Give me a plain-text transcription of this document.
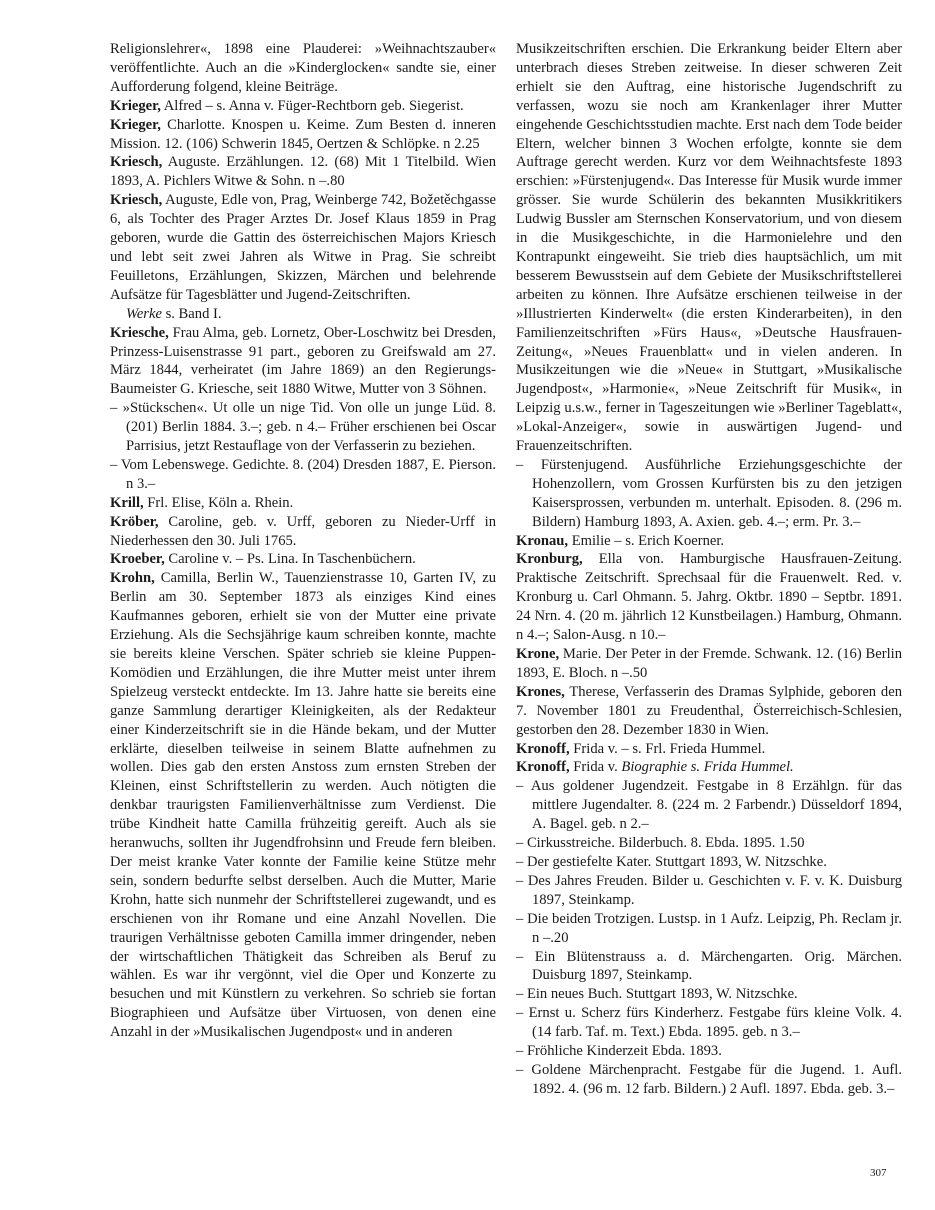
Religionslehrer«, 1898 eine Plauderei: »Weihnachtszauber« veröffentlichte. Auch an die »Kinderglocken« sandte sie, einer Aufforderung folgend, kleine Beiträge.

Krieger, Alfred – s. Anna v. Füger-Rechtborn geb. Siegerist.

Krieger, Charlotte. Knospen u. Keime. Zum Besten d. inneren Mission. 12. (106) Schwerin 1845, Oertzen & Schlöpke. n 2.25

Kriesch, Auguste. Erzählungen. 12. (68) Mit 1 Titelbild. Wien 1893, A. Pichlers Witwe & Sohn. n –.80

Kriesch, Auguste, Edle von, Prag, Weinberge 742, Božetěchgasse 6, als Tochter des Prager Arztes Dr. Josef Klaus 1859 in Prag geboren, wurde die Gattin des österreichischen Majors Kriesch und lebt seit zwei Jahren als Witwe in Prag. Sie schreibt Feuilletons, Erzählungen, Skizzen, Märchen und belehrende Aufsätze für Tagesblätter und Jugend-Zeitschriften.

Werke s. Band I.

Kriesche, Frau Alma, geb. Lornetz, Ober-Loschwitz bei Dresden, Prinzess-Luisenstrasse 91 part., geboren zu Greifswald am 27. März 1844, verheiratet (im Jahre 1869) an den Regierungs-Baumeister G. Kriesche, seit 1880 Witwe, Mutter von 3 Söhnen.

– »Stückschen«. Ut olle un nige Tid. Von olle un junge Lüd. 8. (201) Berlin 1884. 3.–; geb. n 4.– Früher erschienen bei Oscar Parrisius, jetzt Restauflage von der Verfasserin zu beziehen.

– Vom Lebenswege. Gedichte. 8. (204) Dresden 1887, E. Pierson. n 3.–

Krill, Frl. Elise, Köln a. Rhein.

Kröber, Caroline, geb. v. Urff, geboren zu Nieder-Urff in Niederhessen den 30. Juli 1765.

Kroeber, Caroline v. – Ps. Lina. In Taschenbüchern.

Krohn, Camilla, Berlin W., Tauenzienstrasse 10, Garten IV, zu Berlin am 30. September 1873 als einziges Kind eines Kaufmannes geboren, erhielt sie von der Mutter eine private Erziehung. Als die Sechsjährige kaum schreiben konnte, machte sie bereits kleine Verschen. Später schrieb sie kleine Puppen-Komödien und Erzählungen, die ihre Mutter meist unter ihrem Spielzeug versteckt entdeckte. Im 13. Jahre hatte sie bereits eine ganze Sammlung derartiger Kleinigkeiten, als der Redakteur einer Kinderzeitschrift sie in die Hände bekam, und der Mutter erklärte, dieselben teilweise in seinem Blatte aufnehmen zu wollen. Dies gab den ersten Anstoss zum ernsten Streben der Kleinen, einst Schriftstellerin zu werden. Auch nötigten die denkbar traurigsten Familienverhältnisse zum Verdienst. Die trübe Kindheit hatte Camilla frühzeitig gereift. Auch als sie heranwuchs, sollten ihr Jugendfrohsinn und Freude fern bleiben. Der meist kranke Vater konnte der Familie keine Stütze mehr sein, sondern bedurfte selbst derselben. Auch die Mutter, Marie Krohn, hatte sich nunmehr der Schriftstellerei zugewandt, und es erschienen von ihr Romane und eine Anzahl Novellen. Die traurigen Verhältnisse geboten Camilla immer dringender, neben der wirtschaftlichen Thätigkeit das Schreiben als Beruf zu wählen. Es war ihr vergönnt, viel die Oper und Konzerte zu besuchen und mit Künstlern zu verkehren. So schrieb sie fortan Biographieen und Aufsätze über Virtuosen, von denen eine Anzahl in der »Musikalischen Jugendpost« und in anderen

Musikzeitschriften erschien. Die Erkrankung beider Eltern aber unterbrach dieses Streben zeitweise. In dieser schweren Zeit erhielt sie den Auftrag, eine historische Jugendschrift zu verfassen, wozu sie noch am Krankenlager ihrer Mutter eingehende Geschichtsstudien machte. Erst nach dem Tode beider Eltern, welcher binnen 3 Wochen erfolgte, konnte sie dem Auftrage gerecht werden. Kurz vor dem Weihnachtsfeste 1893 erschien: »Fürstenjugend«. Das Interesse für Musik wurde immer grösser. Sie wurde Schülerin des bekannten Musikkritikers Ludwig Bussler am Sternschen Konservatorium, und von diesem in die Musikgeschichte, in die Harmonielehre und den Kontrapunkt eingeweiht. Sie trieb dies hauptsächlich, um mit besserem Bewusstsein auf dem Gebiete der Musikschriftstellerei arbeiten zu können. Ihre Aufsätze erschienen teilweise in der »Illustrierten Kinderwelt« (die ersten Kinderarbeiten), in den Familienzeitschriften »Fürs Haus«, »Deutsche Hausfrauen-Zeitung«, »Neues Frauenblatt« und in vielen anderen. In Musikzeitungen wie die »Neue« in Stuttgart, »Musikalische Jugendpost«, »Harmonie«, »Neue Zeitschrift für Musik«, in Leipzig u.s.w., ferner in Tageszeitungen wie »Berliner Tageblatt«, »Lokal-Anzeiger«, sowie in auswärtigen Jugend- und Frauenzeitschriften.

– Fürstenjugend. Ausführliche Erziehungsgeschichte der Hohenzollern, vom Grossen Kurfürsten bis zu den jetzigen Kaisersprossen, verbunden m. unterhalt. Episoden. 8. (296 m. Bildern) Hamburg 1893, A. Axien. geb. 4.–; erm. Pr. 3.–

Kronau, Emilie – s. Erich Koerner.

Kronburg, Ella von. Hamburgische Hausfrauen-Zeitung. Praktische Zeitschrift. Sprechsaal für die Frauenwelt. Red. v. Kronburg u. Carl Ohmann. 5. Jahrg. Oktbr. 1890 – Septbr. 1891. 24 Nrn. 4. (20 m. jährlich 12 Kunstbeilagen.) Hamburg, Ohmann. n 4.–; Salon-Ausg. n 10.–

Krone, Marie. Der Peter in der Fremde. Schwank. 12. (16) Berlin 1893, E. Bloch. n –.50

Krones, Therese, Verfasserin des Dramas Sylphide, geboren den 7. November 1801 zu Freudenthal, Österreichisch-Schlesien, gestorben den 28. Dezember 1830 in Wien.

Kronoff, Frida v. – s. Frl. Frieda Hummel.

Kronoff, Frida v. Biographie s. Frida Hummel.

– Aus goldener Jugendzeit. Festgabe in 8 Erzählgn. für das mittlere Jugendalter. 8. (224 m. 2 Farbendr.) Düsseldorf 1894, A. Bagel. geb. n 2.–

– Cirkusstreiche. Bilderbuch. 8. Ebda. 1895. 1.50

– Der gestiefelte Kater. Stuttgart 1893, W. Nitzschke.

– Des Jahres Freuden. Bilder u. Geschichten v. F. v. K. Duisburg 1897, Steinkamp.

– Die beiden Trotzigen. Lustsp. in 1 Aufz. Leipzig, Ph. Reclam jr. n –.20

– Ein Blütenstrauss a. d. Märchengarten. Orig. Märchen. Duisburg 1897, Steinkamp.

– Ein neues Buch. Stuttgart 1893, W. Nitzschke.

– Ernst u. Scherz fürs Kinderherz. Festgabe fürs kleine Volk. 4. (14 farb. Taf. m. Text.) Ebda. 1895. geb. n 3.–

– Fröhliche Kinderzeit Ebda. 1893.

– Goldene Märchenpracht. Festgabe für die Jugend. 1. Aufl. 1892. 4. (96 m. 12 farb. Bildern.) 2 Aufl. 1897. Ebda. geb. 3.–

307
